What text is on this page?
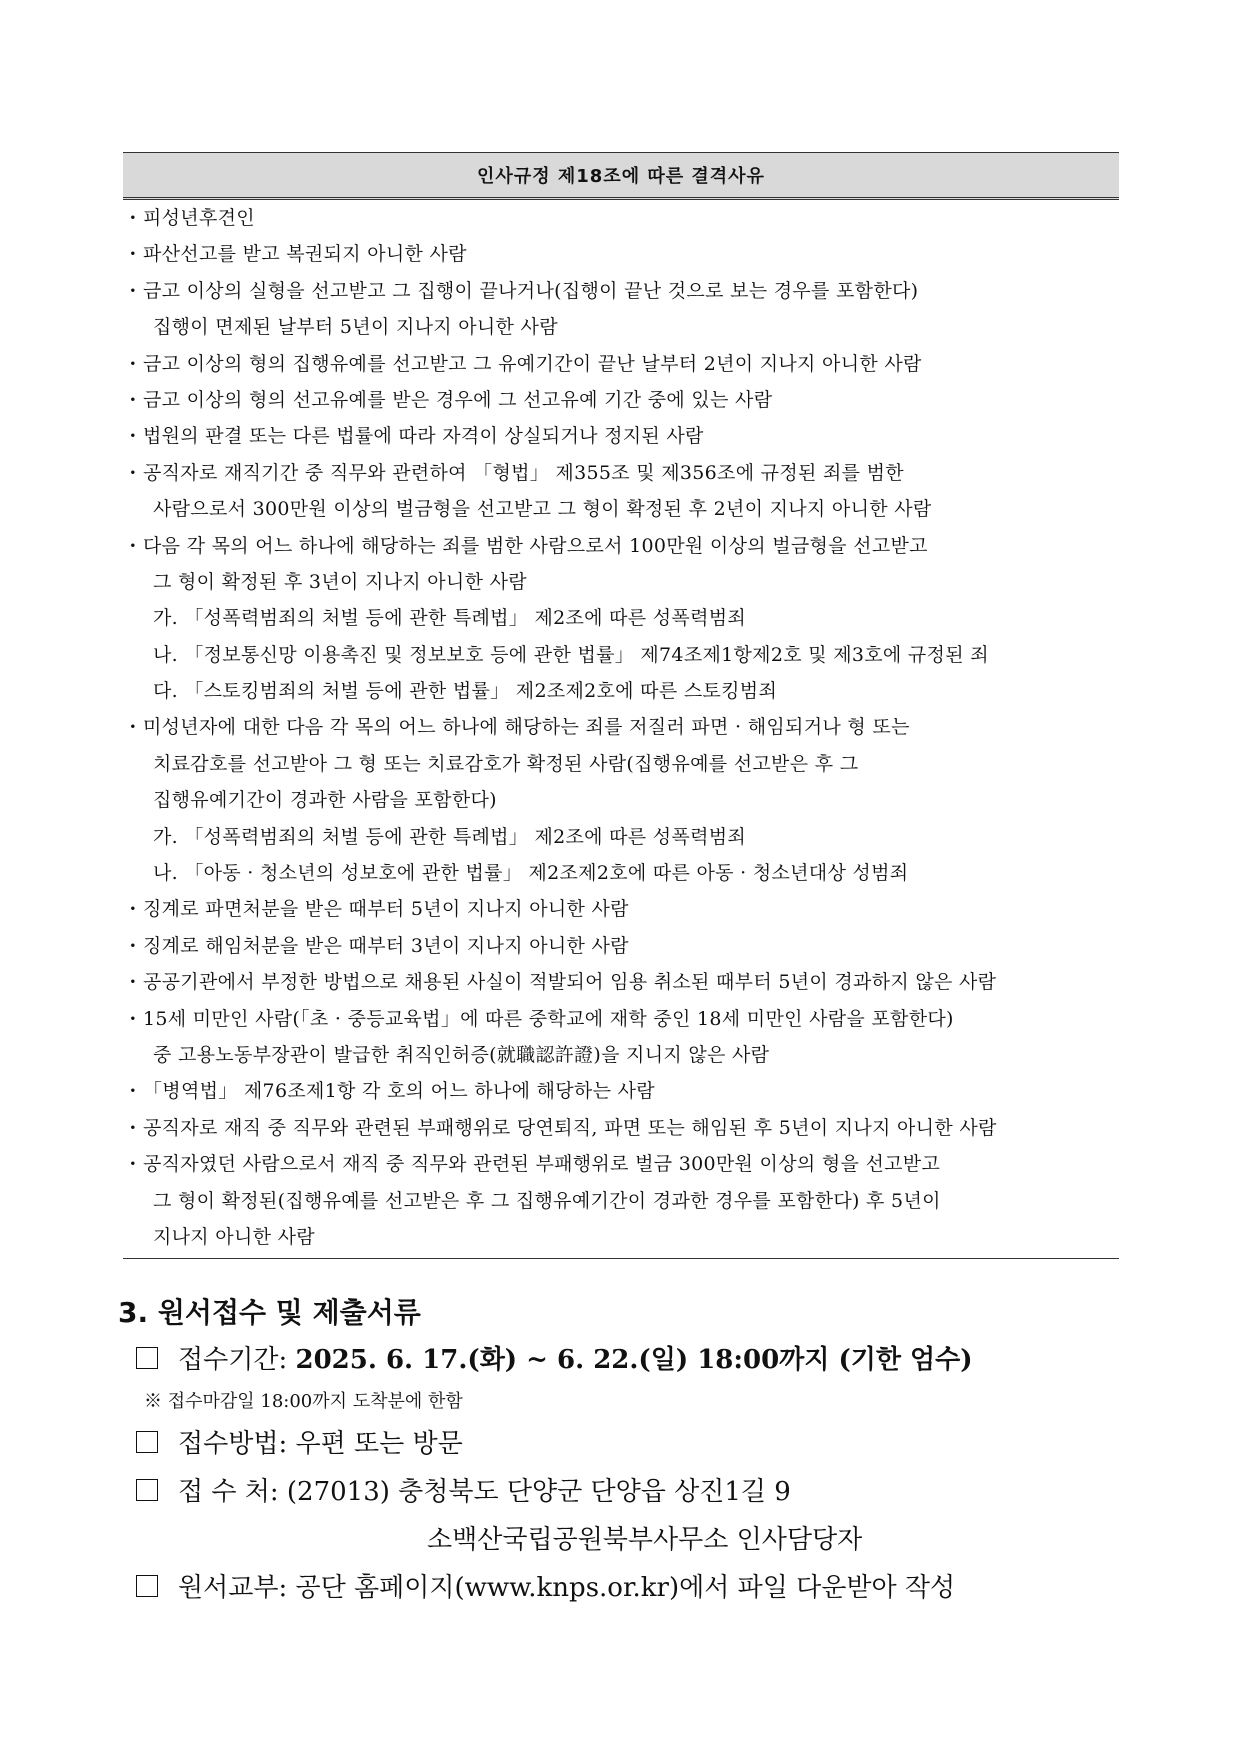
인사규정 제18조에 따른 결격사유
· 피성년후견인
· 파산선고를 받고 복권되지 아니한 사람
· 금고 이상의 실형을 선고받고 그 집행이 끝나거나(집행이 끝난 것으로 보는 경우를 포함한다)
집행이 면제된 날부터 5년이 지나지 아니한 사람
· 금고 이상의 형의 집행유예를 선고받고 그 유예기간이 끝난 날부터 2년이 지나지 아니한 사람
· 금고 이상의 형의 선고유예를 받은 경우에 그 선고유예 기간 중에 있는 사람
· 법원의 판결 또는 다른 법률에 따라 자격이 상실되거나 정지된 사람
· 공직자로 재직기간 중 직무와 관련하여 「형법」 제355조 및 제356조에 규정된 죄를 범한
사람으로서 300만원 이상의 벌금형을 선고받고 그 형이 확정된 후 2년이 지나지 아니한 사람
· 다음 각 목의 어느 하나에 해당하는 죄를 범한 사람으로서 100만원 이상의 벌금형을 선고받고
그 형이 확정된 후 3년이 지나지 아니한 사람
가. 「성폭력범죄의 처벌 등에 관한 특례법」 제2조에 따른 성폭력범죄
나. 「정보통신망 이용촉진 및 정보보호 등에 관한 법률」 제74조제1항제2호 및 제3호에 규정된 죄
다. 「스토킹범죄의 처벌 등에 관한 법률」 제2조제2호에 따른 스토킹범죄
· 미성년자에 대한 다음 각 목의 어느 하나에 해당하는 죄를 저질러 파면 · 해임되거나 형 또는
치료감호를 선고받아 그 형 또는 치료감호가 확정된 사람(집행유예를 선고받은 후 그
집행유예기간이 경과한 사람을 포함한다)
가. 「성폭력범죄의 처벌 등에 관한 특례법」 제2조에 따른 성폭력범죄
나. 「아동 · 청소년의 성보호에 관한 법률」 제2조제2호에 따른 아동 · 청소년대상 성범죄
· 징계로 파면처분을 받은 때부터 5년이 지나지 아니한 사람
· 징계로 해임처분을 받은 때부터 3년이 지나지 아니한 사람
· 공공기관에서 부정한 방법으로 채용된 사실이 적발되어 임용 취소된 때부터 5년이 경과하지 않은 사람
· 15세 미만인 사람(「초 · 중등교육법」에 따른 중학교에 재학 중인 18세 미만인 사람을 포함한다)
중 고용노동부장관이 발급한 취직인허증(就職認許證)을 지니지 않은 사람
· 「병역법」 제76조제1항 각 호의 어느 하나에 해당하는 사람
· 공직자로 재직 중 직무와 관련된 부패행위로 당연퇴직, 파면 또는 해임된 후 5년이 지나지 아니한 사람
· 공직자였던 사람으로서 재직 중 직무와 관련된 부패행위로 벌금 300만원 이상의 형을 선고받고
그 형이 확정된(집행유예를 선고받은 후 그 집행유예기간이 경과한 경우를 포함한다) 후 5년이
지나지 아니한 사람
3. 원서접수 및 제출서류
접수기간: 2025. 6. 17.(화) ~ 6. 22.(일) 18:00까지 (기한 엄수)
※ 접수마감일 18:00까지 도착분에 한함
접수방법: 우편 또는 방문
접 수 처: (27013) 충청북도 단양군 단양읍 상진1길 9
소백산국립공원북부사무소 인사담당자
원서교부: 공단 홈페이지(www.knps.or.kr)에서 파일 다운받아 작성
